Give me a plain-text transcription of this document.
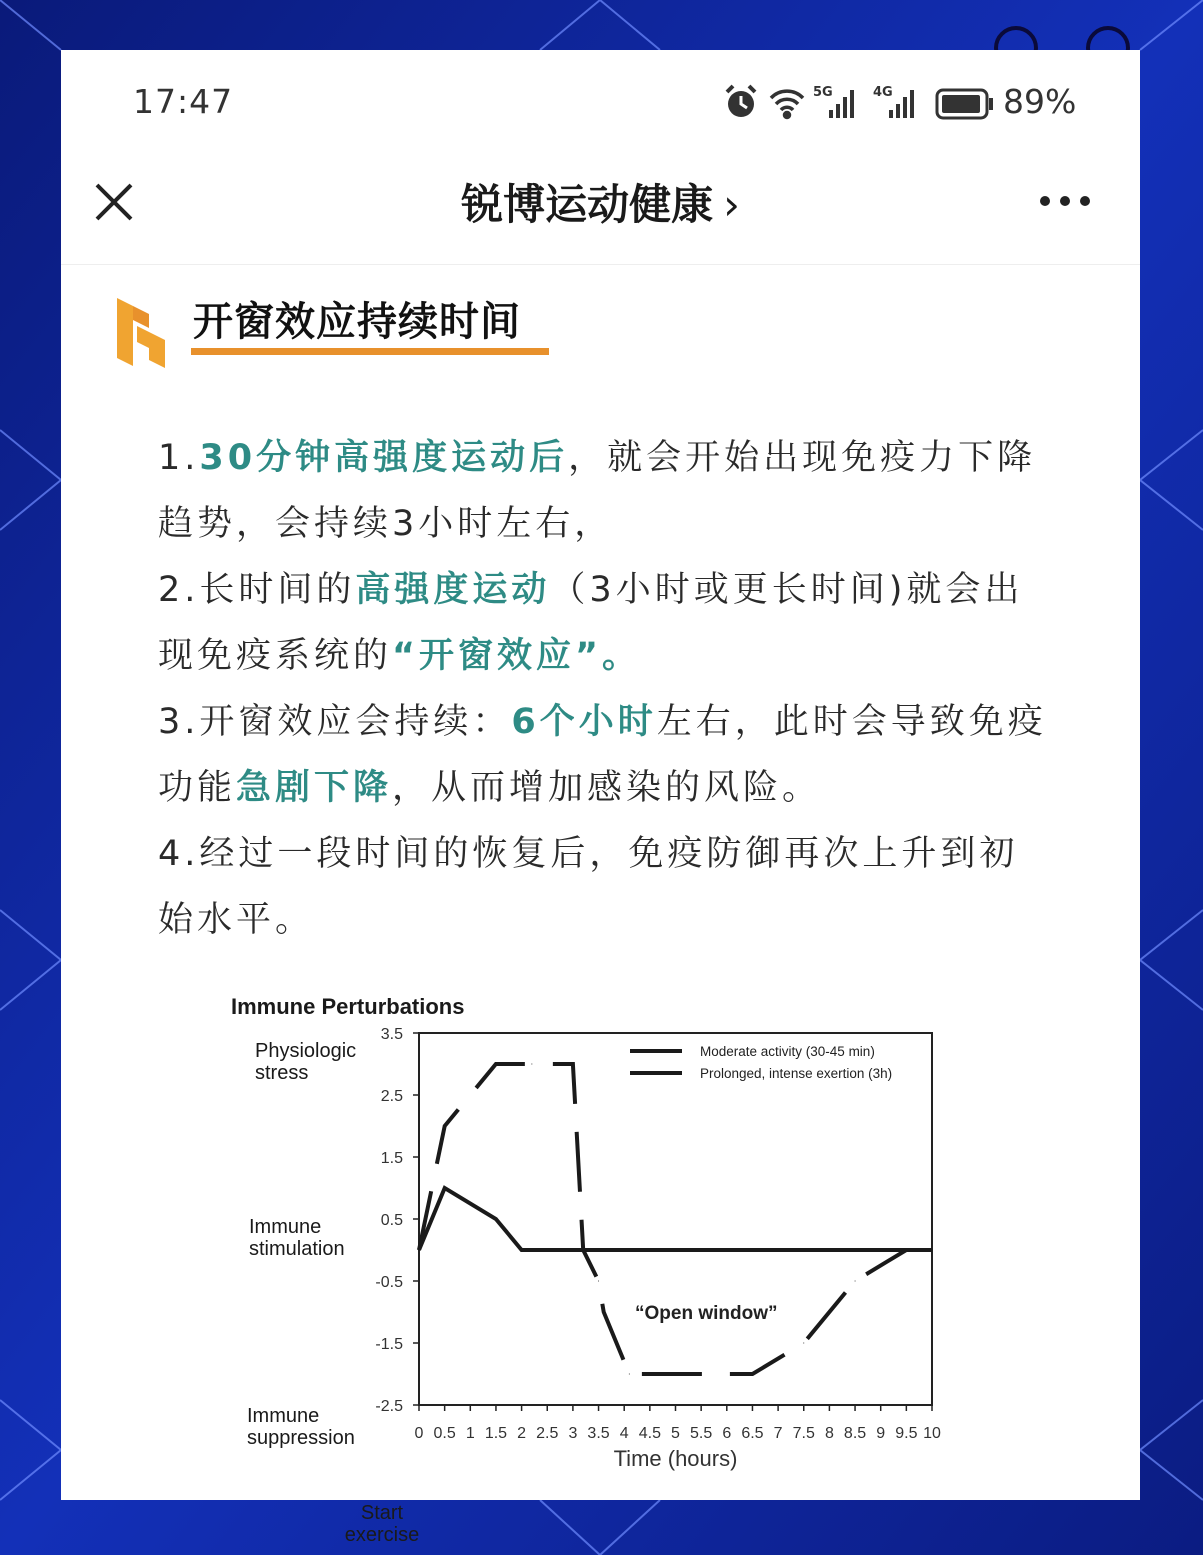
17:47	5G	4G	89%
锐博运动健康 ›
开窗效应持续时间

1.30分钟高强度运动后，就会开始出现免疫力下降趋势，会持续3小时左右，

2.长时间的高强度运动（3小时或更长时间)就会出现免疫系统的“开窗效应”。

3.开窗效应会持续：6个小时左右，此时会导致免疫功能急剧下降，从而增加感染的风险。

4.经过一段时间的恢复后，免疫防御再次上升到初始水平。

Immune Perturbations
Physiologic
stress
Immune
stimulation
Immune
suppression
Start
exercise
3.5
2.5
1.5
0.5
-0.5
-1.5
-2.5
0 0.5 1 1.5 2 2.5 3 3.5 4 4.5 5 5.5 6 6.5 7 7.5 8 8.5 9 9.5 10
Time (hours)
Moderate activity (30-45 min)
Prolonged, intense exertion (3h)
“Open window”
